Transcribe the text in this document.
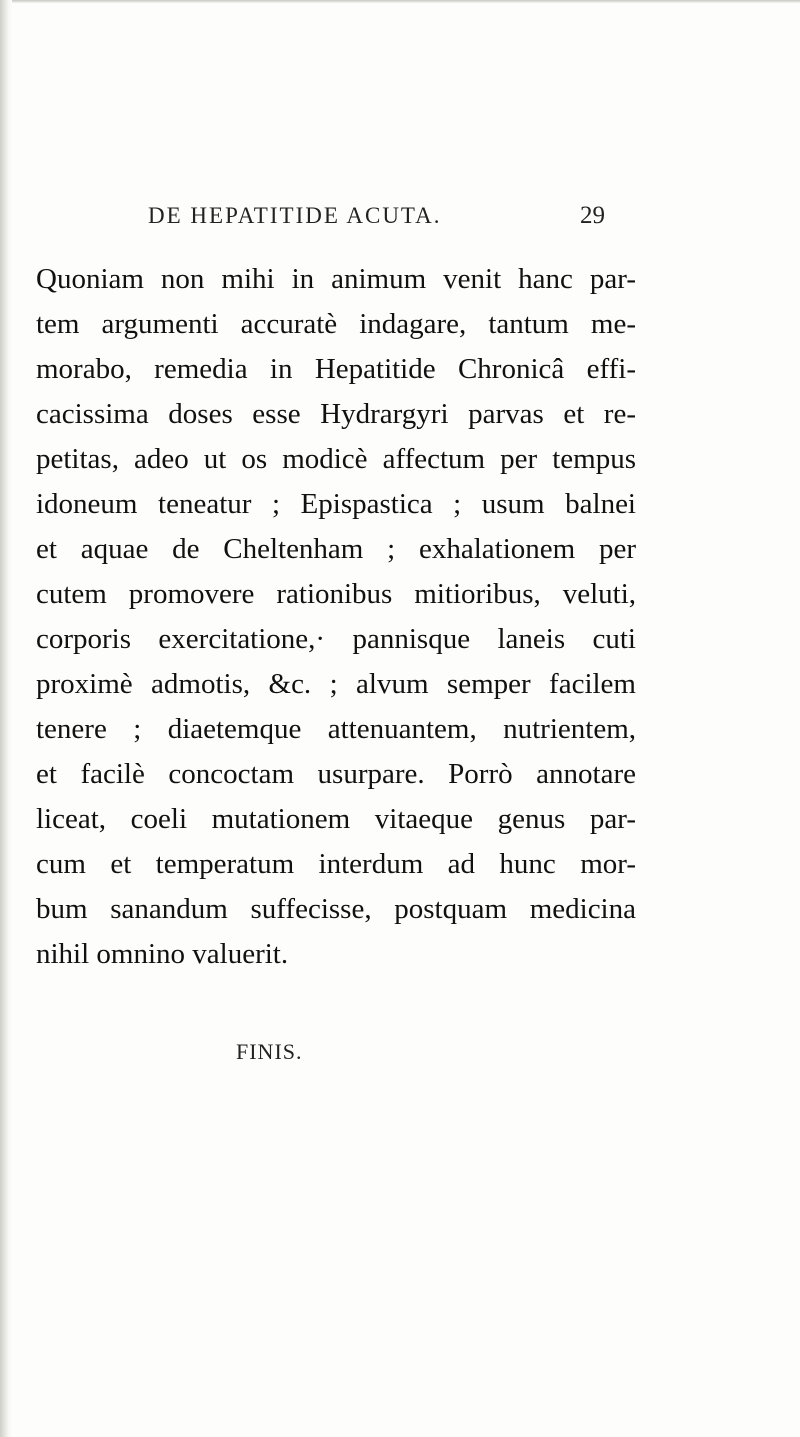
DE HEPATITIDE ACUTA.	29
Quoniam non mihi in animum venit hanc par-
tem argumenti accuratè indagare, tantum me-
morabo, remedia in Hepatitide Chronicâ effi-
cacissima doses esse Hydrargyri parvas et re-
petitas, adeo ut os modicè affectum per tempus
idoneum teneatur ; Epispastica ; usum balnei
et aquae de Cheltenham ; exhalationem per
cutem promovere rationibus mitioribus, veluti,
corporis exercitatione,· pannisque laneis cuti
proximè admotis, &c. ; alvum semper facilem
tenere ; diaetemque attenuantem, nutrientem,
et facilè concoctam usurpare. Porrò annotare
liceat, coeli mutationem vitaeque genus par-
cum et temperatum interdum ad hunc mor-
bum sanandum suffecisse, postquam medicina
nihil omnino valuerit.
FINIS.
